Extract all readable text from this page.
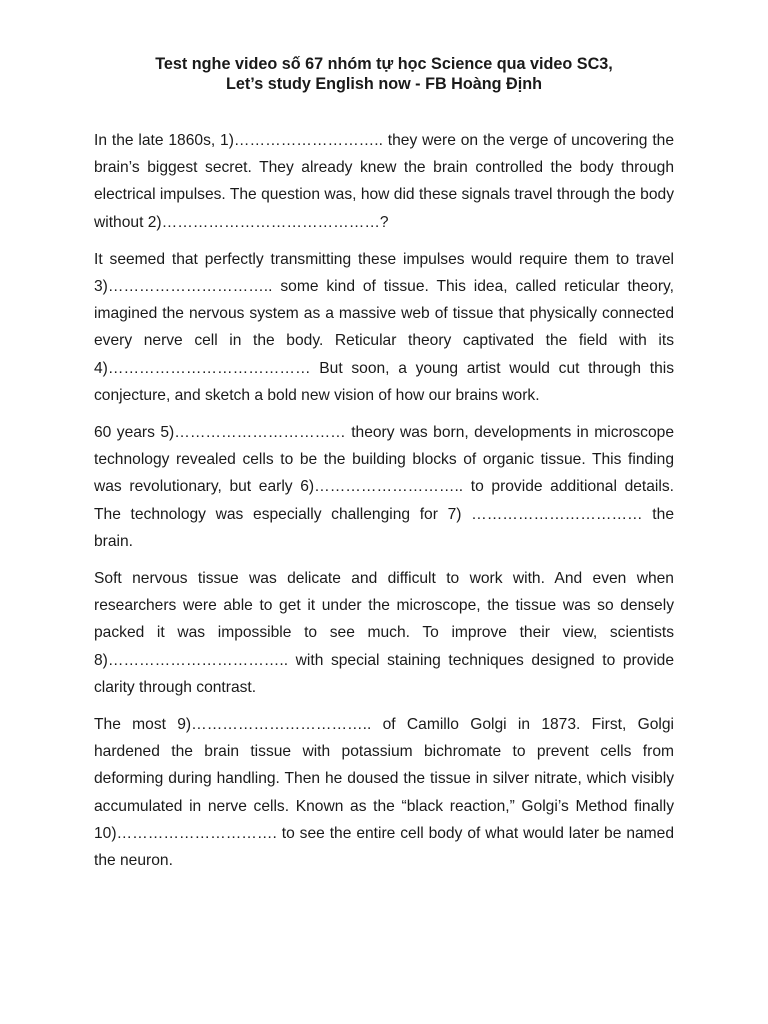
Test nghe video số 67 nhóm tự học Science qua video SC3,
Let’s study English now - FB Hoàng Định

In the late 1860s, 1)……………………….. they were on the verge of uncovering the brain’s biggest secret. They already knew the brain controlled the body through electrical impulses. The question was, how did these signals travel through the body without 2)……………………………………?

It seemed that perfectly transmitting these impulses would require them to travel 3)………………………….. some kind of tissue. This idea, called reticular theory, imagined the nervous system as a massive web of tissue that physically connected every nerve cell in the body. Reticular theory captivated the field with its 4)………………………………… But soon, a young artist would cut through this conjecture, and sketch a bold new vision of how our brains work.

60 years 5)…………………………… theory was born, developments in microscope technology revealed cells to be the building blocks of organic tissue. This finding was revolutionary, but early 6)……………………….. to provide additional details. The technology was especially challenging for 7) …………………………… the brain.

Soft nervous tissue was delicate and difficult to work with. And even when researchers were able to get it under the microscope, the tissue was so densely packed it was impossible to see much. To improve their view, scientists 8)…………………………….. with special staining techniques designed to provide clarity through contrast.

The most 9)…………………………….. of Camillo Golgi in 1873. First, Golgi hardened the brain tissue with potassium bichromate to prevent cells from deforming during handling. Then he doused the tissue in silver nitrate, which visibly accumulated in nerve cells. Known as the “black reaction,” Golgi’s Method finally 10)…………………………. to see the entire cell body of what would later be named the neuron.
